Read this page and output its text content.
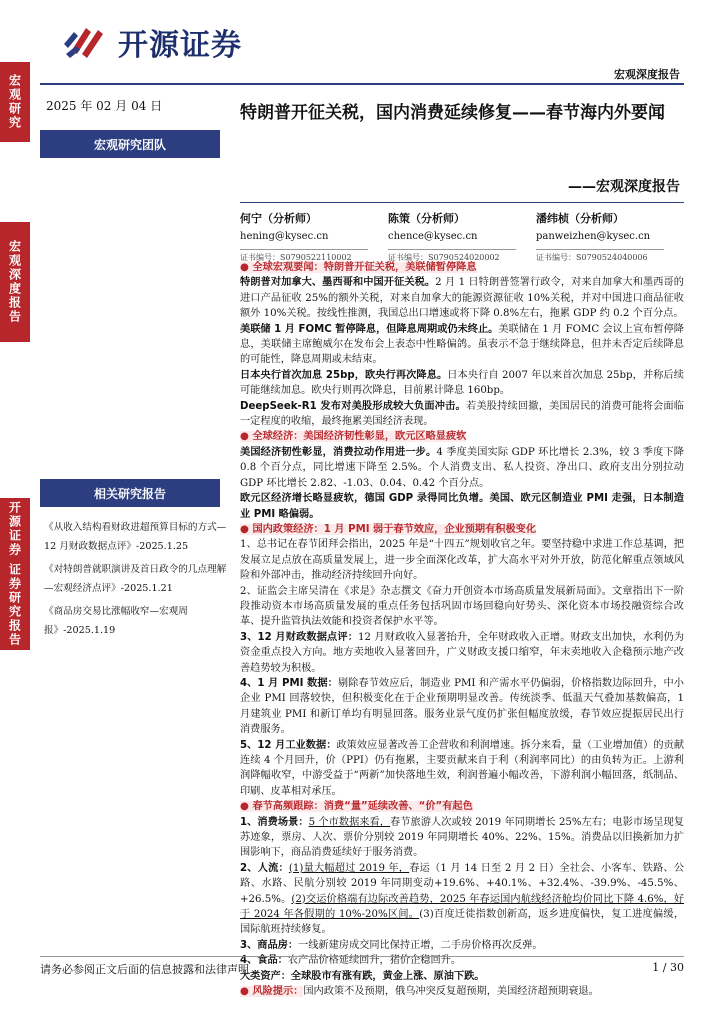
宏观研究
宏观深度报告
开源证券 证券研究报告
开源证券
宏观深度报告
2025 年 02 月 04 日
宏观研究团队
相关研究报告

《从收入结构看财政进超预算目标的方式—12 月财政数据点评》-2025.1.25

《对特朗普就职演讲及首日政令的几点理解—宏观经济点评》-2025.1.21

《商品房交易比涨幅收窄—宏观周报》-2025.1.19

特朗普开征关税，国内消费延续修复——春节海内外要闻
——宏观深度报告
何宁（分析师）
hening@kysec.cn
证书编号：S0790522110002
陈策（分析师）
chence@kysec.cn
证书编号：S0790524020002
潘纬桢（分析师）
panweizhen@kysec.cn
证书编号：S0790524040006

● 全球宏观要闻：特朗普开征关税，美联储暂停降息

特朗普对加拿大、墨西哥和中国开征关税。2 月 1 日特朗普签署行政令，对来自加拿大和墨西哥的进口产品征收 25%的额外关税，对来自加拿大的能源资源征收 10%关税，并对中国进口商品征收额外 10%关税。按线性推测，我国总出口增速或将下降 0.8%左右，拖累 GDP 约 0.2 个百分点。

美联储 1 月 FOMC 暂停降息，但降息周期或仍未终止。美联储在 1 月 FOMC 会议上宣布暂停降息，美联储主席鲍威尔在发布会上表态中性略偏鸽。虽表示不急于继续降息，但并未否定后续降息的可能性，降息周期或未结束。

日本央行首次加息 25bp，欧央行再次降息。日本央行自 2007 年以来首次加息 25bp，并称后续可能继续加息。欧央行则再次降息，目前累计降息 160bp。

DeepSeek-R1 发布对美股形成较大负面冲击。若美股持续回撤，美国居民的消费可能将会面临一定程度的收缩，最终拖累美国经济表现。

● 全球经济：美国经济韧性彰显，欧元区略显疲软

美国经济韧性彰显，消费拉动作用进一步。4 季度美国实际 GDP 环比增长 2.3%，较 3 季度下降 0.8 个百分点，同比增速下降至 2.5%。个人消费支出、私人投资、净出口、政府支出分别拉动 GDP 环比增长 2.82、-1.03、0.04、0.42 个百分点。

欧元区经济增长略显疲软，德国 GDP 录得同比负增。美国、欧元区制造业 PMI 走强，日本制造业 PMI 略偏弱。

● 国内政策经济：1 月 PMI 弱于春节效应，企业预期有积极变化

1、总书记在春节团拜会指出，2025 年是“十四五”规划收官之年。要坚持稳中求进工作总基调，把发展立足点放在高质量发展上，进一步全面深化改革，扩大高水平对外开放，防范化解重点领域风险和外部冲击，推动经济持续回升向好。

2、证监会主席吴清在《求是》杂志撰文《奋力开创资本市场高质量发展新局面》。文章指出下一阶段推动资本市场高质量发展的重点任务包括巩固市场回稳向好势头、深化资本市场投融资综合改革、提升监管执法效能和投资者保护水平等。

3、12 月财政数据点评：12 月财政收入显著抬升，全年财政收入正增。财政支出加快，水利仍为资金重点投入方向。地方卖地收入显著回升，广义财政支援口缩窄，年末卖地收入企稳预示地产改善趋势较为积极。

4、1 月 PMI 数据：剔除春节效应后，制造业 PMI 和产需水平仍偏弱，价格指数边际回升，中小企业 PMI 回落较快，但积极变化在于企业预期明显改善。传统淡季、低温天气叠加基数偏高，1 月建筑业 PMI 和新订单均有明显回落。服务业景气度仍扩张但幅度放缓，春节效应提振居民出行消费服务。

5、12 月工业数据：政策效应显著改善工企营收和利润增速。拆分来看，量（工业增加值）的贡献连续 4 个月回升，价（PPI）仍有拖累，主要贡献来自于利（利润率同比）的由负转为正。上游利润降幅收窄，中游受益于“两新”加快落地生效，利润普遍小幅改善，下游利润小幅回落，纸制品、印刷、皮革相对承压。

● 春节高频跟踪：消费“量”延续改善、“价”有起色

1、消费场景：5 个市数据来看，春节旅游人次或较 2019 年同期增长 25%左右；电影市场呈现复苏迹象，票房、人次、票价分别较 2019 年同期增长 40%、22%、15%。消费品以旧换新加力扩围影响下，商品消费延续好于服务消费。

2、人流：(1)量大幅超过 2019 年，春运（1 月 14 日至 2 月 2 日）全社会、小客车、铁路、公路、水路、民航分别较 2019 年同期变动+19.6%、+40.1%、+32.4%、-39.9%、-45.5%、+26.5%。(2)交运价格端有边际改善趋势，2025 年春运国内航线经济舱均价同比下降 4.6%，好于 2024 年各假期的 10%-20%区间。(3)百度迁徙指数创新高，返乡进度偏快，复工进度偏缓，国际航班持续修复。

3、商品房：一线新建房成交同比保持正增，二手房价格再次反弹。

4、食品：农产品价格延续回升，猪价企稳回升。

大类资产：全球股市有涨有跌，黄金上涨、原油下跌。

● 风险提示：国内政策不及预期，俄乌冲突反复超预期，美国经济超预期衰退。

请务必参阅正文后面的信息披露和法律声明	1 / 30
